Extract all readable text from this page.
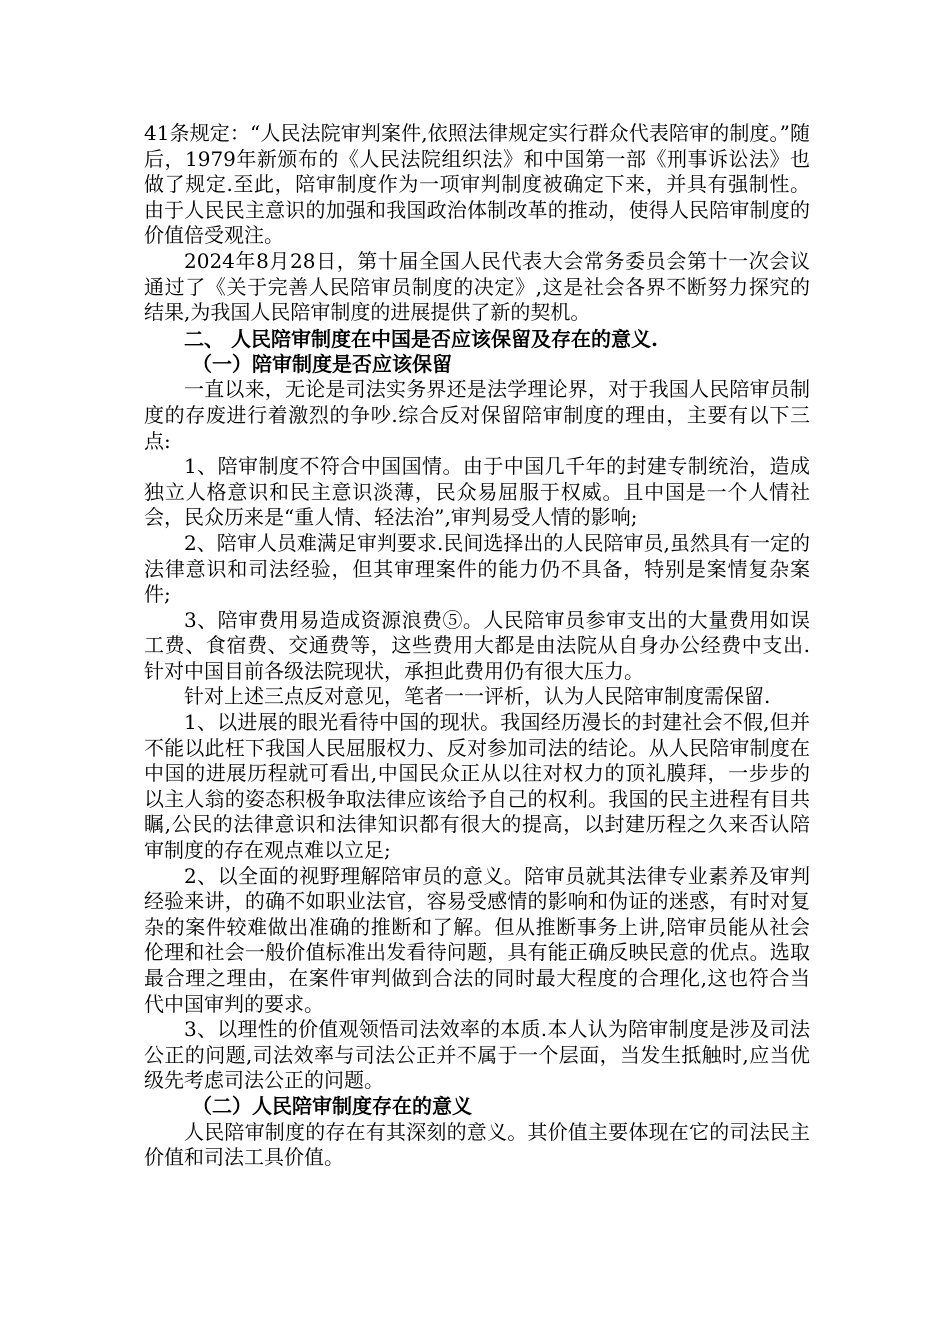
41条规定：“人民法院审判案件,依照法律规定实行群众代表陪审的制度。”随后，1979年新颁布的《人民法院组织法》和中国第一部《刑事诉讼法》也做了规定.至此，陪审制度作为一项审判制度被确定下来，并具有强制性。由于人民民主意识的加强和我国政治体制改革的推动，使得人民陪审制度的价值倍受观注。

2024年8月28日，第十届全国人民代表大会常务委员会第十一次会议通过了《关于完善人民陪审员制度的决定》,这是社会各界不断努力探究的结果,为我国人民陪审制度的进展提供了新的契机。

二、 人民陪审制度在中国是否应该保留及存在的意义.

（一）陪审制度是否应该保留

一直以来，无论是司法实务界还是法学理论界，对于我国人民陪审员制度的存废进行着激烈的争吵.综合反对保留陪审制度的理由，主要有以下三点:

1、陪审制度不符合中国国情。由于中国几千年的封建专制统治，造成独立人格意识和民主意识淡薄，民众易屈服于权威。且中国是一个人情社会，民众历来是“重人情、轻法治”,审判易受人情的影响;

2、陪审人员难满足审判要求.民间选择出的人民陪审员,虽然具有一定的法律意识和司法经验，但其审理案件的能力仍不具备，特别是案情复杂案件;

3、陪审费用易造成资源浪费⑤。人民陪审员参审支出的大量费用如误工费、食宿费、交通费等，这些费用大都是由法院从自身办公经费中支出.针对中国目前各级法院现状，承担此费用仍有很大压力。

针对上述三点反对意见，笔者一一评析，认为人民陪审制度需保留.

1、以进展的眼光看待中国的现状。我国经历漫长的封建社会不假,但并不能以此枉下我国人民屈服权力、反对参加司法的结论。从人民陪审制度在中国的进展历程就可看出,中国民众正从以往对权力的顶礼膜拜，一步步的以主人翁的姿态积极争取法律应该给予自己的权利。我国的民主进程有目共瞩,公民的法律意识和法律知识都有很大的提高，以封建历程之久来否认陪审制度的存在观点难以立足;

2、以全面的视野理解陪审员的意义。陪审员就其法律专业素养及审判经验来讲，的确不如职业法官，容易受感情的影响和伪证的迷惑，有时对复杂的案件较难做出准确的推断和了解。但从推断事务上讲,陪审员能从社会伦理和社会一般价值标准出发看待问题，具有能正确反映民意的优点。选取最合理之理由，在案件审判做到合法的同时最大程度的合理化,这也符合当代中国审判的要求。

3、以理性的价值观领悟司法效率的本质.本人认为陪审制度是涉及司法公正的问题,司法效率与司法公正并不属于一个层面，当发生抵触时,应当优级先考虑司法公正的问题。

（二）人民陪审制度存在的意义

人民陪审制度的存在有其深刻的意义。其价值主要体现在它的司法民主价值和司法工具价值。
